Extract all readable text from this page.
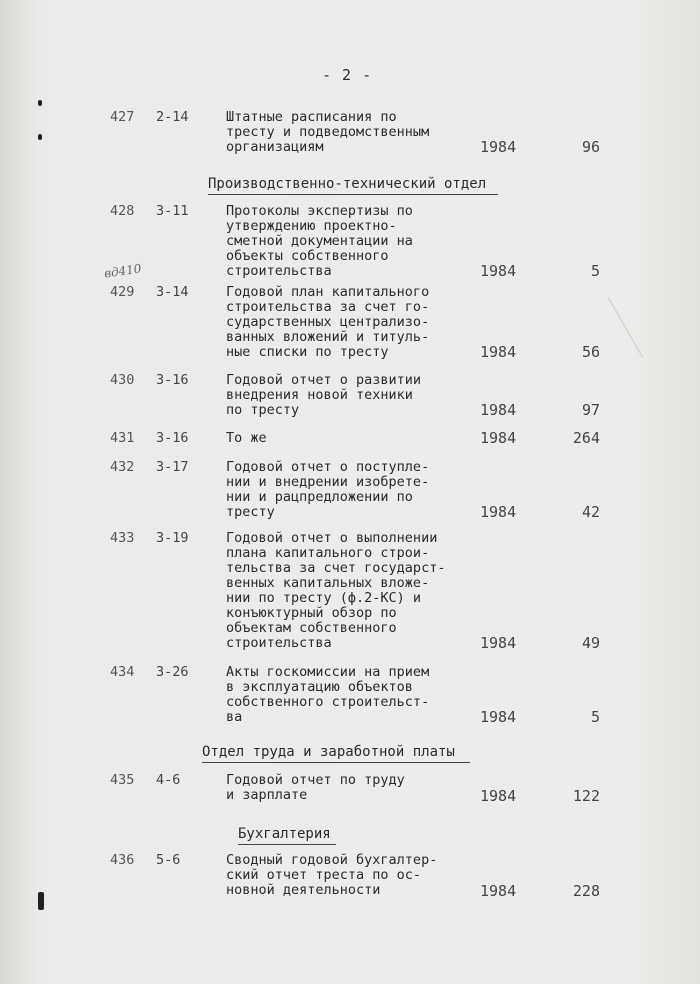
- 2 -
вд410
427	2-14	Штатные расписания по
тресту и подведомственным
организациям	1984	96
Производственно-технический отдел
428	3-11	Протоколы экспертизы по
утверждению проектно-
сметной документации на
объекты собственного
строительства	1984	5
429	3-14	Годовой план капитального
строительства за счет го-
сударственных централизо-
ванных вложений и титуль-
ные списки по тресту	1984	56
430	3-16	Годовой отчет о развитии
внедрения новой техники
по тресту	1984	97
431	3-16	То же	1984	264
432	3-17	Годовой отчет о поступле-
нии и внедрении изобрете-
нии и рацпредложении по
тресту	1984	42
433	3-19	Годовой отчет о выполнении
плана капитального строи-
тельства за счет государст-
венных капитальных вложе-
нии по тресту (ф.2-КС) и
конъюктурный обзор по
объектам собственного
строительства	1984	49
434	3-26	Акты госкомиссии на прием
в эксплуатацию объектов
собственного строительст-
ва	1984	5
Отдел труда и заработной платы
435	4-6	Годовой отчет по труду
и зарплате	1984	122
Бухгалтерия
436	5-6	Сводный годовой бухгалтер-
ский отчет треста по ос-
новной деятельности	1984	228
